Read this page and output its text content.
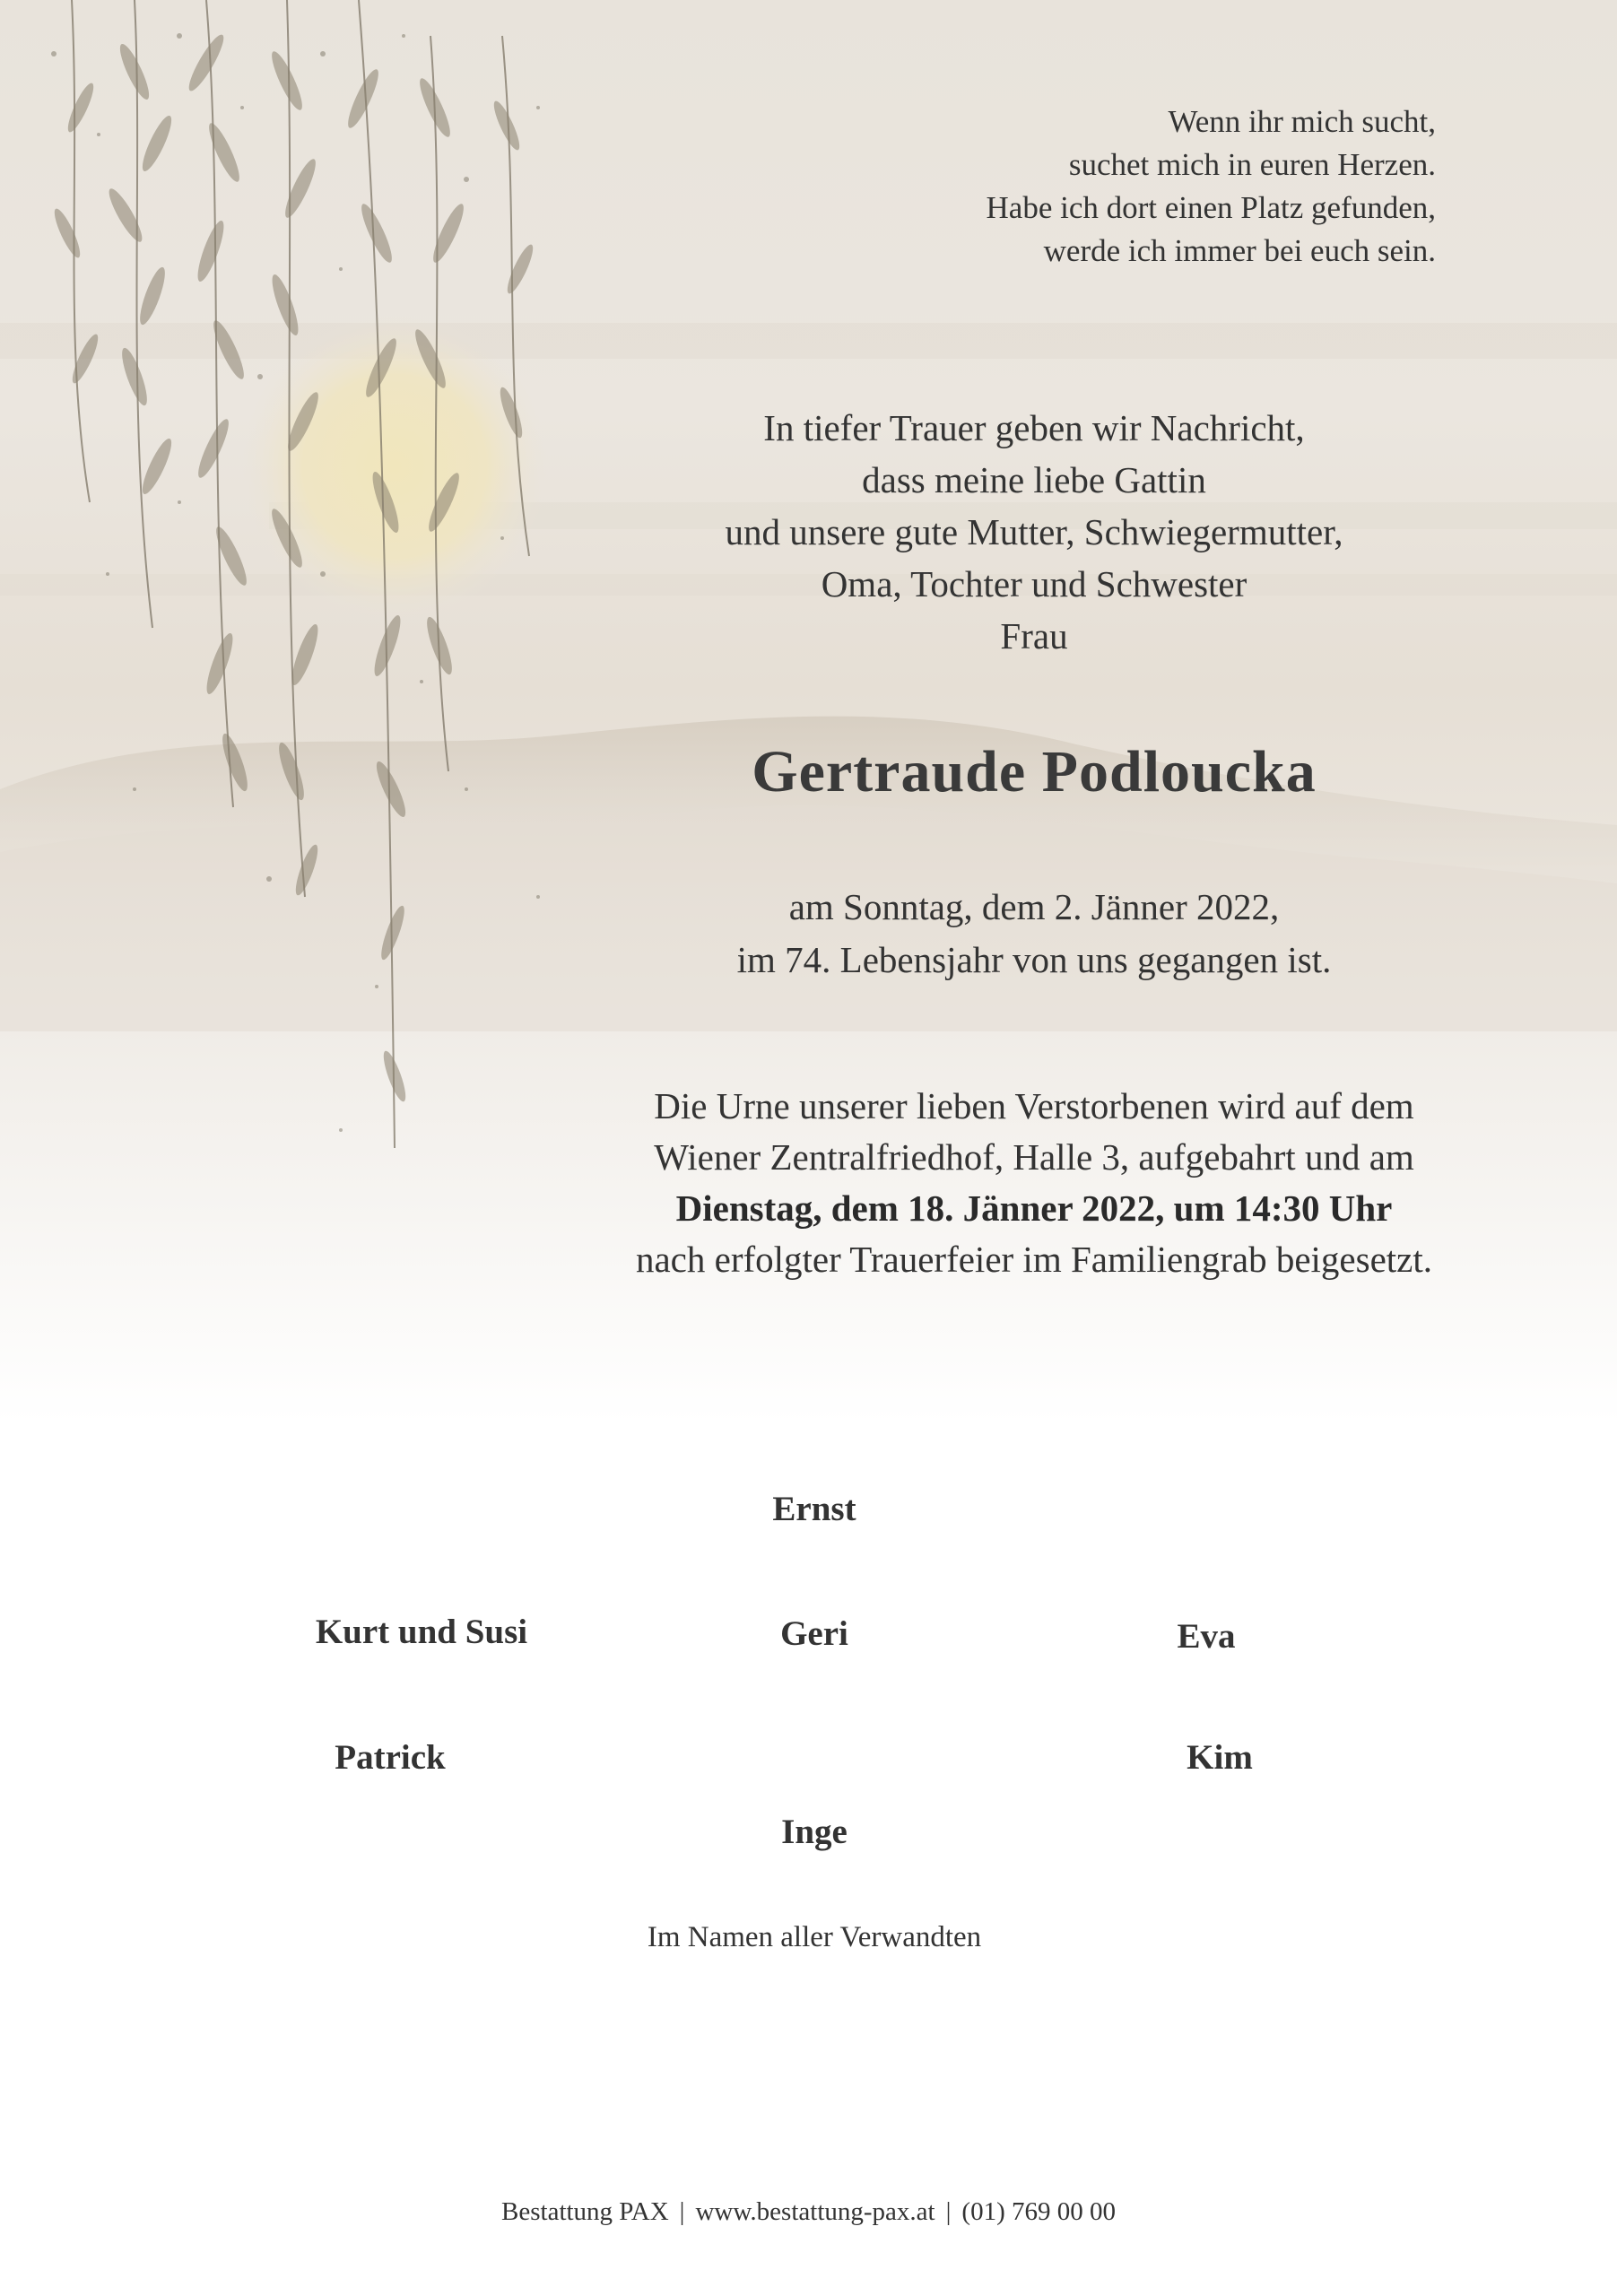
Wenn ihr mich sucht,
suchet mich in euren Herzen.
Habe ich dort einen Platz gefunden,
werde ich immer bei euch sein.
In tiefer Trauer geben wir Nachricht,
dass meine liebe Gattin
und unsere gute Mutter, Schwiegermutter,
Oma, Tochter und Schwester
Frau
Gertraude Podloucka
am Sonntag, dem 2. Jänner 2022,
im 74. Lebensjahr von uns gegangen ist.
Die Urne unserer lieben Verstorbenen wird auf dem
Wiener Zentralfriedhof, Halle 3, aufgebahrt und am
Dienstag, dem 18. Jänner 2022, um 14:30 Uhr
nach erfolgter Trauerfeier im Familiengrab beigesetzt.
Ernst
Kurt und Susi	Geri	Eva
Patrick	Kim
Inge
Im Namen aller Verwandten
Bestattung PAX | www.bestattung-pax.at | (01) 769 00 00
